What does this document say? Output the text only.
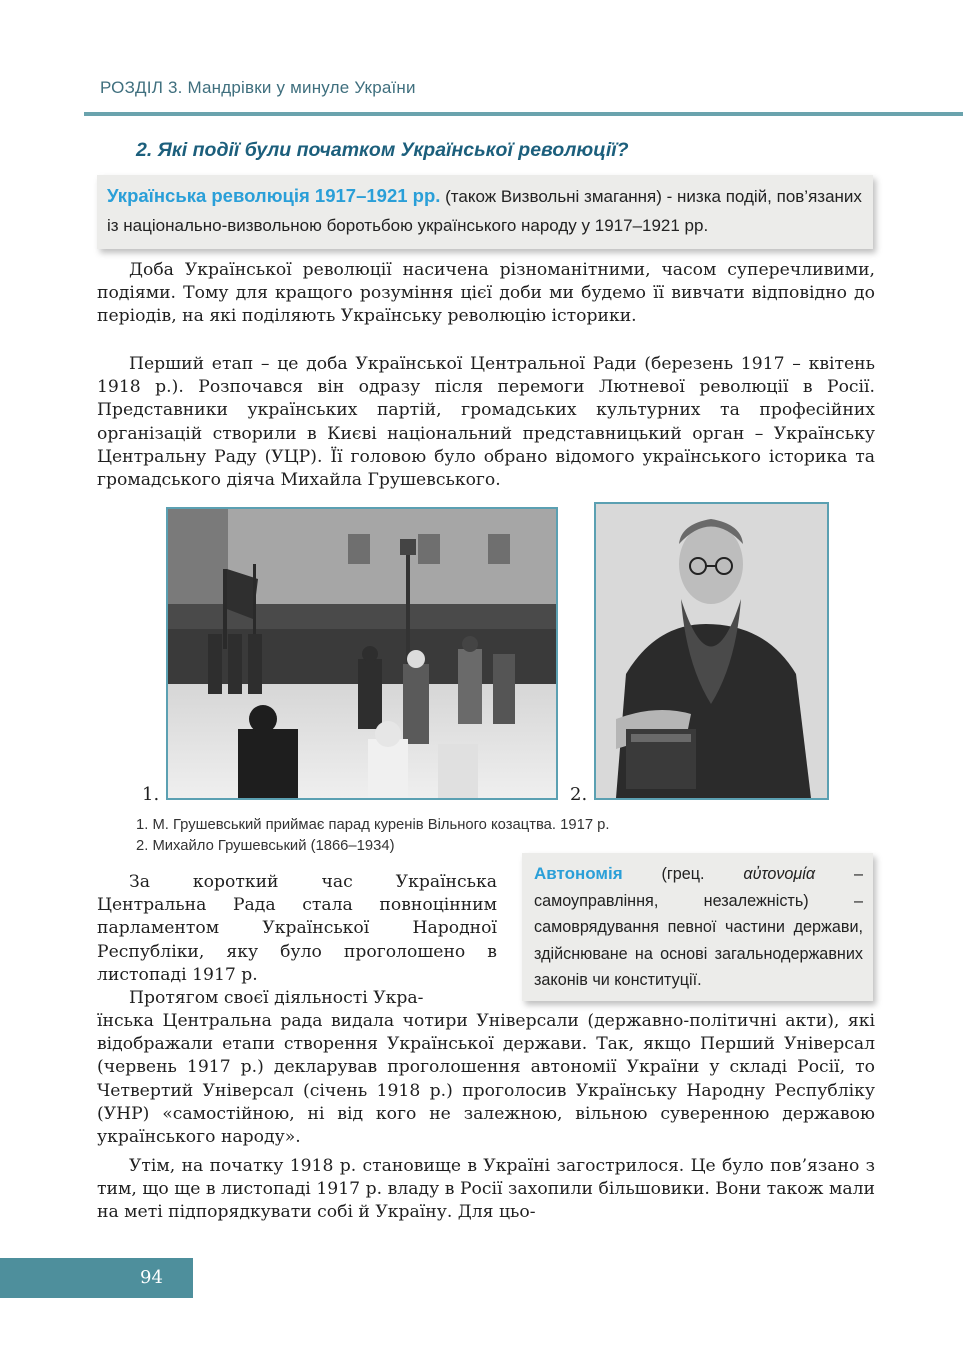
РОЗДІЛ 3. Мандрівки у минуле України
2. Які події були початком Української революції?
Українська революція 1917–1921 рр. (також Визвольні змагання) - низка подій, пов’язаних із національно-визвольною боротьбою українського народу у 1917–1921 рр.

Доба Української революції насичена різноманітними, часом суперечливими, подіями. Тому для кращого розуміння цієї доби ми будемо її вивчати відповідно до періодів, на які поділяють Українську революцію історики.

Перший етап – це доба Української Центральної Ради (березень 1917 – квітень 1918 р.). Розпочався він одразу після перемоги Лютневої революції в Росії. Представники українських партій, громадських культурних та професійних організацій створили в Києві національний представницький орган – Українську Центральну Раду (УЦР). Її головою було обрано відомого українського історика та громадського діяча Михайла Грушевського.

1.	2.
1. М. Грушевський приймає парад куренів Вільного козацтва. 1917 р.
2. Михайло Грушевський (1866–1934)
Автономія (грец. αὐτονομία – самоуправління, незалежність) – самоврядування певної частини держави, здійснюване на основі загальнодержавних законів чи конституції.

За короткий час Українська Центральна Рада стала повноцінним парламентом Української Народної Республіки, яку було проголошено в листопаді 1917 р.

Протягом своєї діяльності Укра-

їнська Центральна рада видала чотири Універсали (державно-політичні акти), які відображали етапи створення Української держави. Так, якщо Перший Універсал (червень 1917 р.) декларував проголошення автономії України у складі Росії, то Четвертий Універсал (січень 1918 р.) проголосив Українську Народну Республіку (УНР) «самостійною, ні від кого не залежною, вільною суверенною державою українського народу».

Утім, на початку 1918 р. становище в Україні загострилося. Це було пов’язано з тим, що ще в листопаді 1917 р. владу в Росії захопили більшовики. Вони також мали на меті підпорядкувати собі й Україну. Для цьо-

94
